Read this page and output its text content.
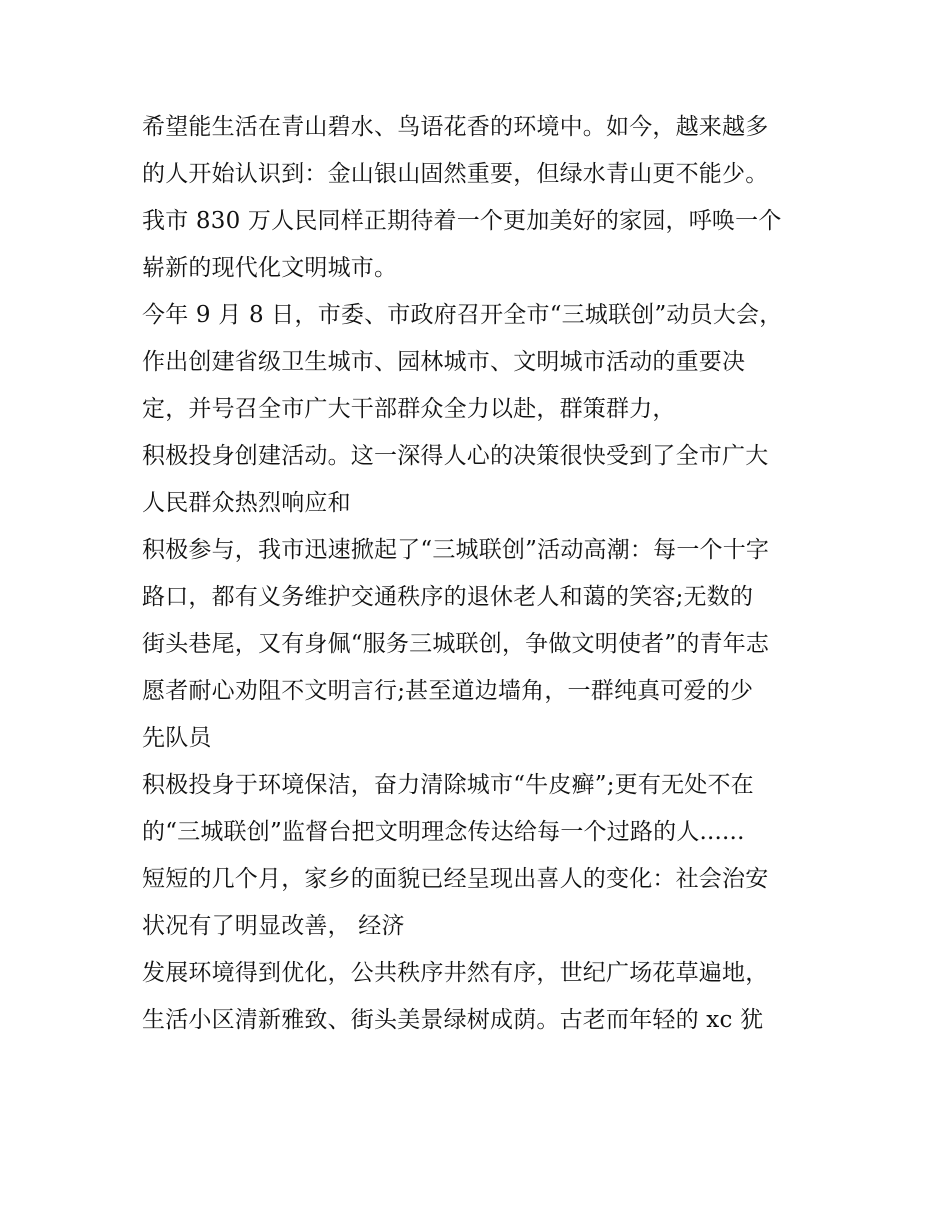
希望能生活在青山碧水、鸟语花香的环境中。如今，越来越多
的人开始认识到：金山银山固然重要，但绿水青山更不能少。
我市 830 万人民同样正期待着一个更加美好的家园，呼唤一个
崭新的现代化文明城市。
今年 9 月 8 日，市委、市政府召开全市“三城联创”动员大会，
作出创建省级卫生城市、园林城市、文明城市活动的重要决
定，并号召全市广大干部群众全力以赴，群策群力，
积极投身创建活动。这一深得人心的决策很快受到了全市广大
人民群众热烈响应和
积极参与，我市迅速掀起了“三城联创”活动高潮：每一个十字
路口，都有义务维护交通秩序的退休老人和蔼的笑容;无数的
街头巷尾，又有身佩“服务三城联创，争做文明使者”的青年志
愿者耐心劝阻不文明言行;甚至道边墙角，一群纯真可爱的少
先队员
积极投身于环境保洁，奋力清除城市“牛皮癣”;更有无处不在
的“三城联创”监督台把文明理念传达给每一个过路的人......
短短的几个月，家乡的面貌已经呈现出喜人的变化：社会治安
状况有了明显改善， 经济
发展环境得到优化，公共秩序井然有序，世纪广场花草遍地，
生活小区清新雅致、街头美景绿树成荫。古老而年轻的 xc 犹
